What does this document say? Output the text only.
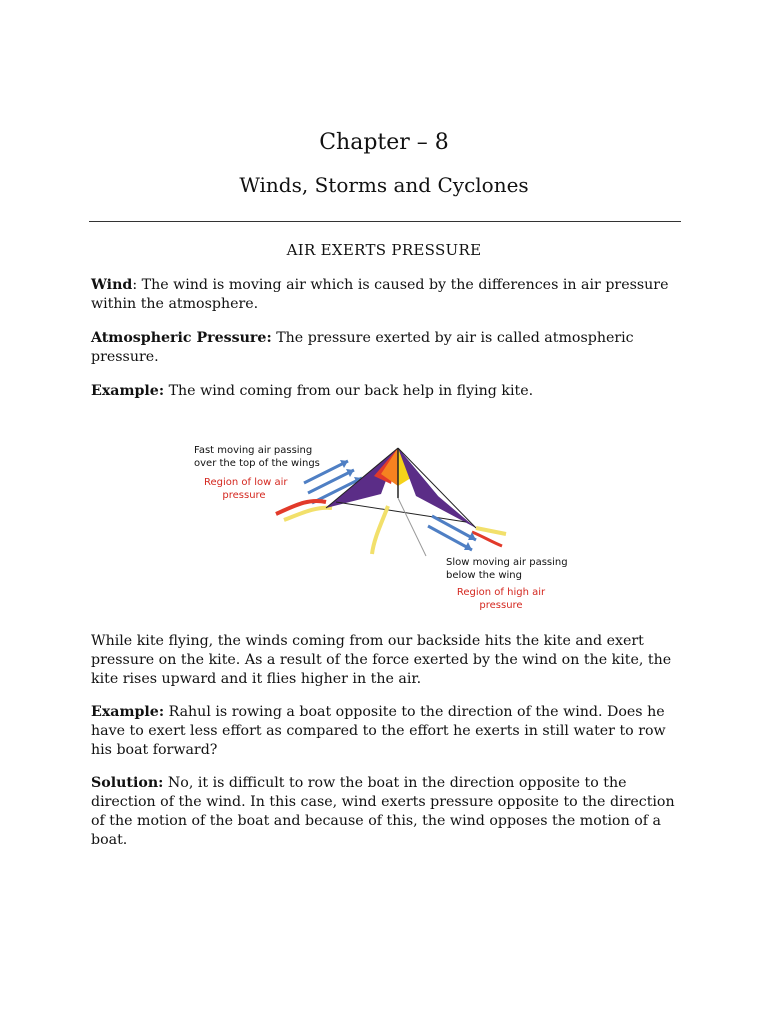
Chapter – 8
Winds, Storms and Cyclones
AIR EXERTS PRESSURE

Wind: The wind is moving air which is caused by the differences in air pressure within the atmosphere.

Atmospheric Pressure: The pressure exerted by air is called atmospheric pressure.

Example: The wind coming from our back help in flying kite.

Fast moving air passing

over the top of the wings

Region of low air

pressure

Slow moving air passing

below the wing

Region of high air

pressure

While kite flying, the winds coming from our backside hits the kite and exert pressure on the kite. As a result of the force exerted by the wind on the kite, the kite rises upward and it flies higher in the air.

Example: Rahul is rowing a boat opposite to the direction of the wind. Does he have to exert less effort as compared to the effort he exerts in still water to row his boat forward?

Solution: No, it is difficult to row the boat in the direction opposite to the direction of the wind. In this case, wind exerts pressure opposite to the direction of the motion of the boat and because of this, the wind opposes the motion of a boat.
